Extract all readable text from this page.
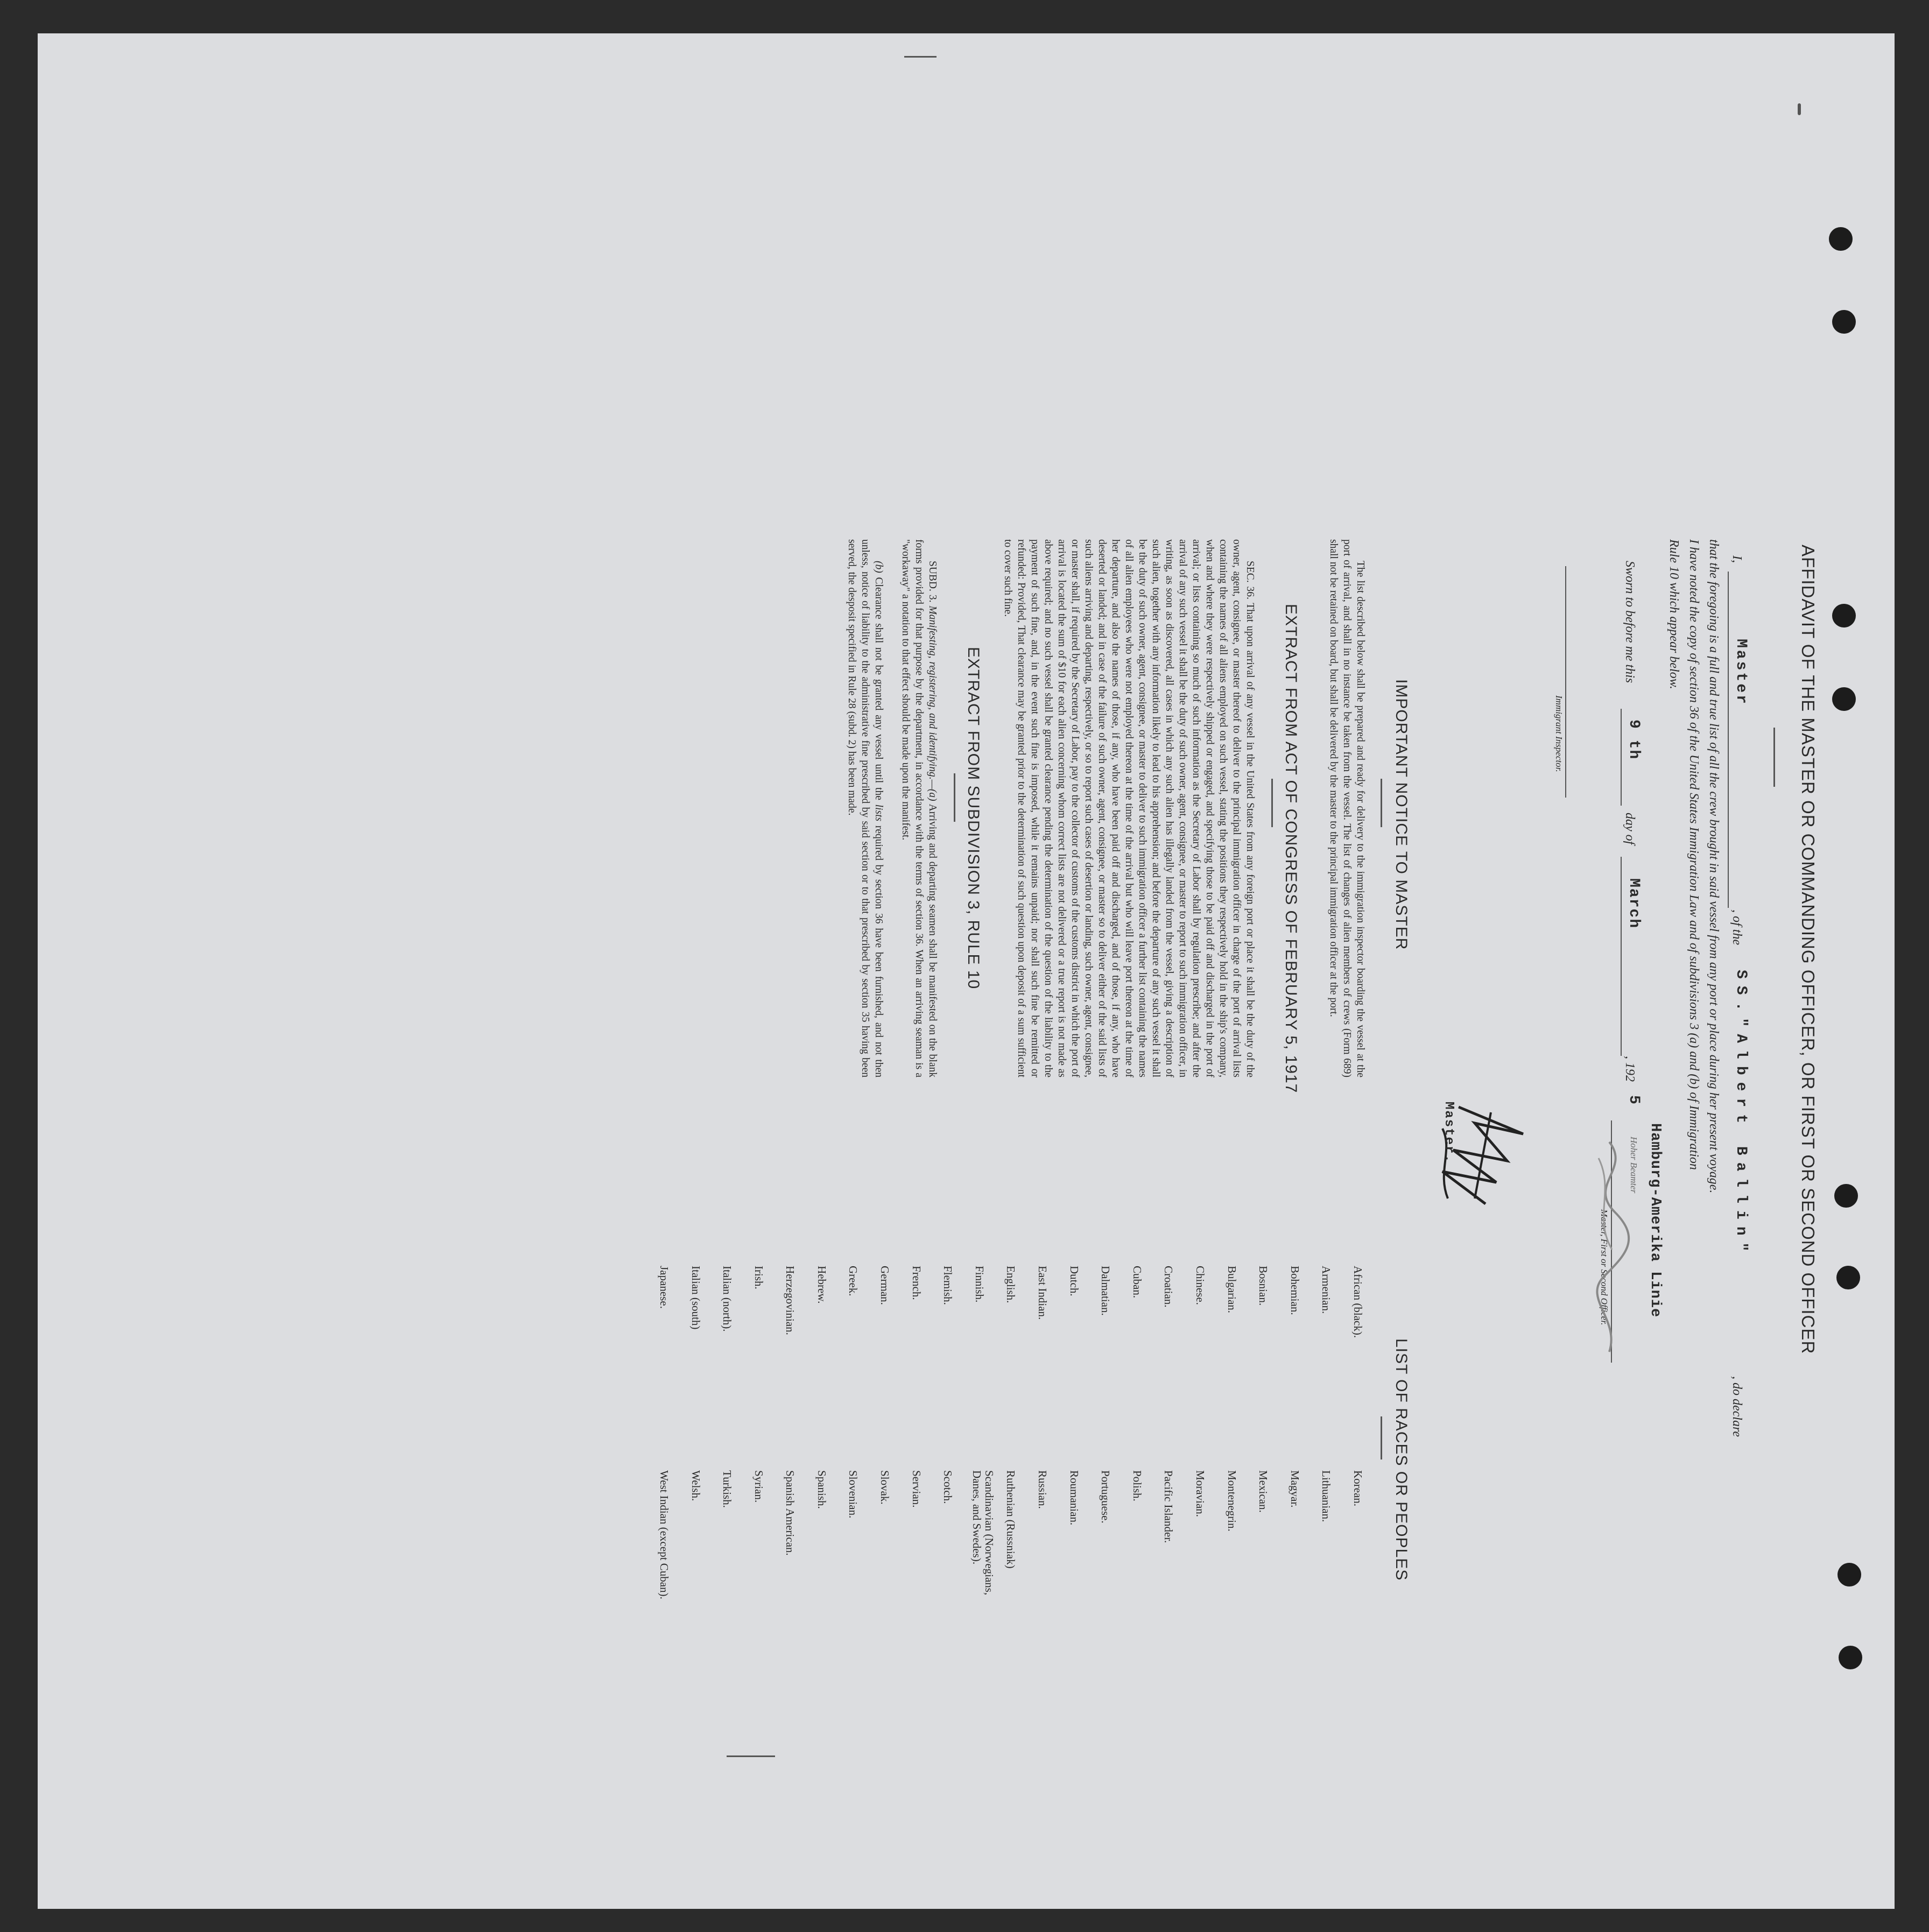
AFFIDAVIT OF THE MASTER OR COMMANDING OFFICER, OR FIRST OR SECOND OFFICER
I,
Master
, of the
SS."Albert Ballin"
, do declare
that the foregoing is a full and true list of all the crew brought in said vessel from any port or place during her present voyage.
I have noted the copy of section 36 of the United States Immigration Law and of subdivisions 3 (a) and (b) of Immigration
Rule 10 which appear below.
Sworn to before me this
9 th
day of
March
, 192
5
Hamburg-Amerika Linie
Hoher Beamter
Master, First or Second Officer.
Immigrant Inspector.
Master.
IMPORTANT NOTICE TO MASTER

The list described below shall be prepared and ready for delivery to the immigration inspector boarding the vessel at the port of arrival, and shall in no instance be taken from the vessel. The list of changes of alien members of crews (Form 689) shall not be retained on board, but shall be delivered by the master to the principal immigration officer at the port.

EXTRACT FROM ACT OF CONGRESS OF FEBRUARY 5, 1917

SEC. 36. That upon arrival of any vessel in the United States from any foreign port or place it shall be the duty of the owner, agent, consignee, or master thereof to deliver to the principal immigration officer in charge of the port of arrival lists containing the names of all aliens employed on such vessel, stating the positions they respectively hold in the ship's company, when and where they were respectively shipped or engaged, and specifying those to be paid off and discharged in the port of arrival; or lists containing so much of such information as the Secretary of Labor shall by regulation prescribe; and after the arrival of any such vessel it shall be the duty of such owner, agent, consignee, or master to report to such immigration officer, in writing, as soon as discovered, all cases in which any such alien has illegally landed from the vessel, giving a description of such alien, together with any information likely to lead to his apprehension; and before the departure of any such vessel it shall be the duty of such owner, agent, consignee, or master to deliver to such immigration officer a further list containing the names of all alien employees who were not employed thereon at the time of the arrival but who will leave port thereon at the time of her departure, and also the names of those, if any, who have been paid off and discharged, and of those, if any, who have deserted or landed; and in case of the failure of such owner, agent, consignee, or master so to deliver either of the said lists of such aliens arriving and departing, respectively, or so to report such cases of desertion or landing, such owner, agent, consignee, or master shall, if required by the Secretary of Labor, pay to the collector of customs of the customs district in which the port of arrival is located the sum of $10 for each alien concerning whom correct lists are not delivered or a true report is not made as above required; and no such vessel shall be granted clearance pending the determination of the question of the liability to the payment of such fine, and, in the event such fine is imposed, while it remains unpaid; nor shall such fine be remitted or refunded: Provided, That clearance may be granted prior to the determination of such question upon deposit of a sum sufficient to cover such fine.

EXTRACT FROM SUBDIVISION 3, RULE 10

SUBD. 3. Manifesting, registering, and identifying.—(a) Arriving and departing seamen shall be manifested on the blank forms provided for that purpose by the department, in accordance with the terms of section 36. When an arriving seaman is a "workaway" a notation to that effect should be made upon the manifest.

(b) Clearance shall not be granted any vessel until the lists required by section 36 have been furnished, and not then unless, notice of liability to the administrative fine prescribed by said section or to that prescribed by section 35 having been served, the desposit specified in Rule 28 (subd. 2) has been made.

LIST OF RACES OR PEOPLES
African (black).
Armenian.
Bohemian.
Bosnian.
Bulgarian.
Chinese.
Croatian.
Cuban.
Dalmatian.
Dutch.
East Indian.
English.
Finnish.
Flemish.
French.
German.
Greek.
Hebrew.
Herzegovinian.
Irish.
Italian (north).
Italian (south)
Japanese.
Korean.
Lithuanian.
Magyar.
Mexican.
Montenegrin.
Moravian.
Pacific Islander.
Polish.
Portuguese.
Roumanian.
Russian.
Ruthenian (Russniak)
Scandinavian (Norwegians,
Danes, and Swedes).
Scotch.
Servian.
Slovak.
Slovenian.
Spanish.
Spanish American.
Syrian.
Turkish.
Welsh.
West Indian (except Cuban).
